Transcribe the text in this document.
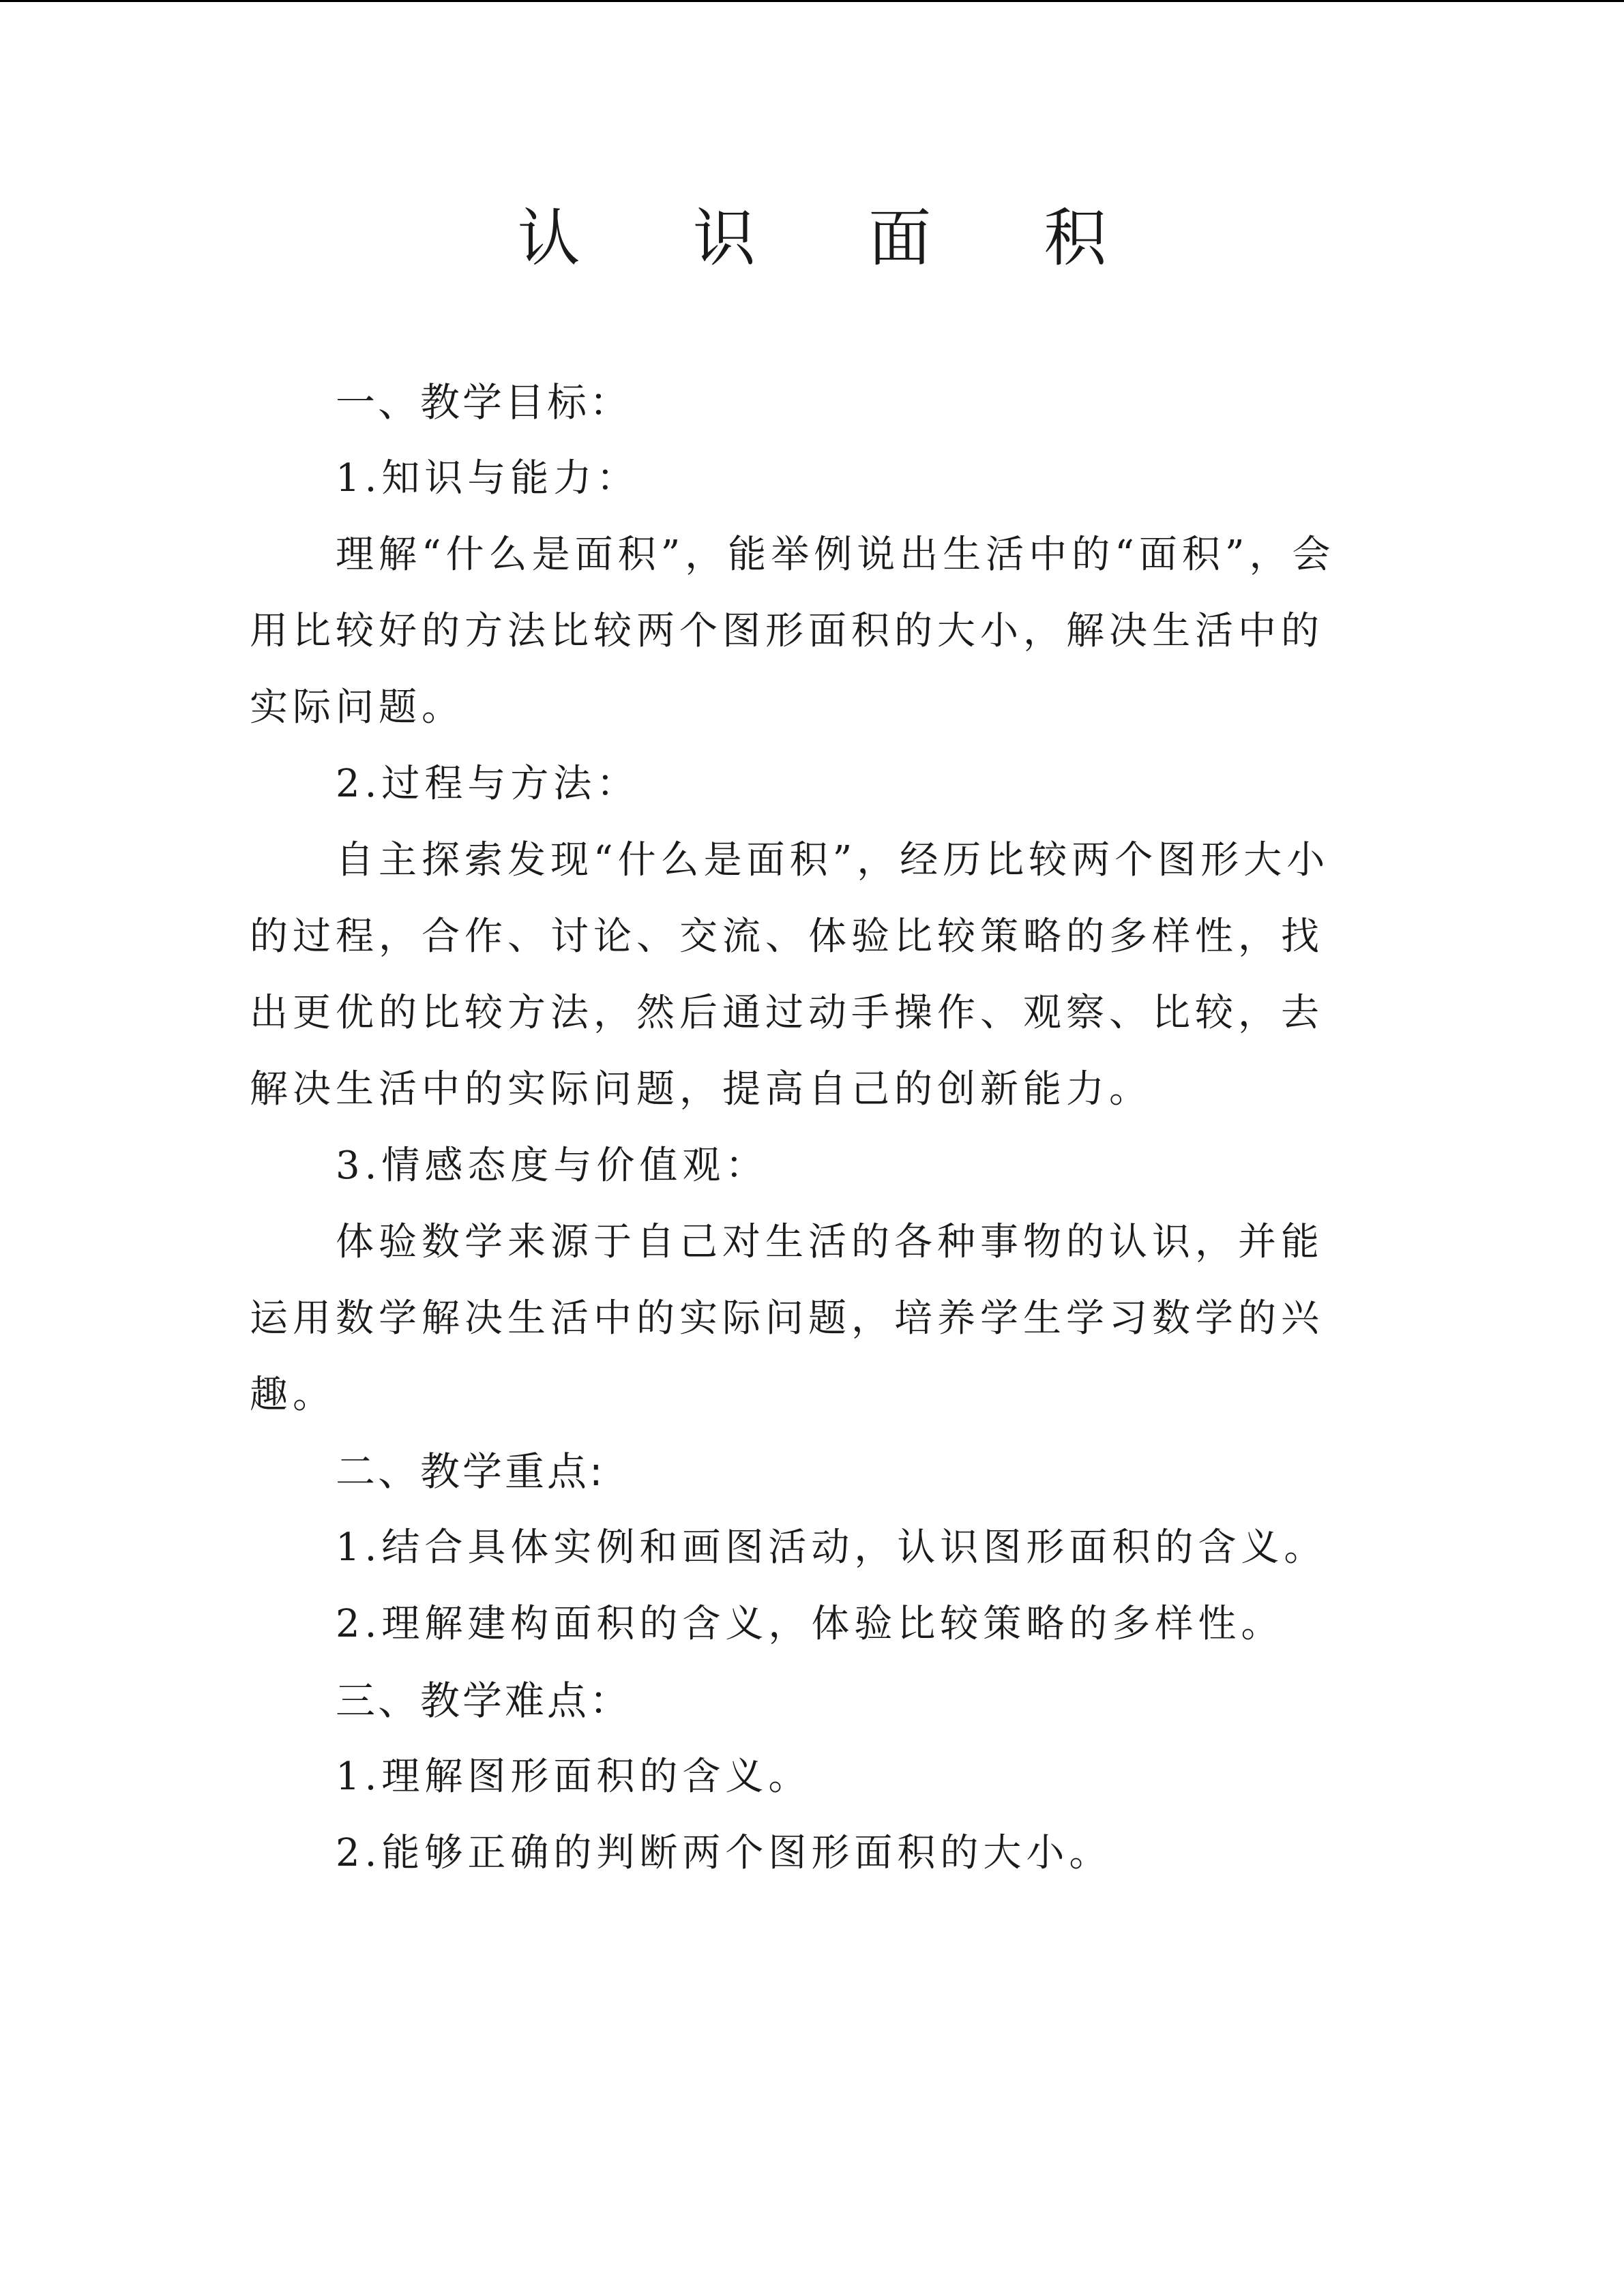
认 识 面 积

一、教学目标：

1.知识与能力：

理解“什么是面积”，能举例说出生活中的“面积”，会用比较好的方法比较两个图形面积的大小，解决生活中的实际问题。

2.过程与方法：

自主探索发现“什么是面积”，经历比较两个图形大小的过程，合作、讨论、交流、体验比较策略的多样性，找出更优的比较方法，然后通过动手操作、观察、比较，去解决生活中的实际问题，提高自己的创新能力。

3.情感态度与价值观：

体验数学来源于自己对生活的各种事物的认识，并能运用数学解决生活中的实际问题，培养学生学习数学的兴趣。

二、教学重点:

1.结合具体实例和画图活动，认识图形面积的含义。

2.理解建构面积的含义，体验比较策略的多样性。

三、教学难点：

1.理解图形面积的含义。

2.能够正确的判断两个图形面积的大小。
